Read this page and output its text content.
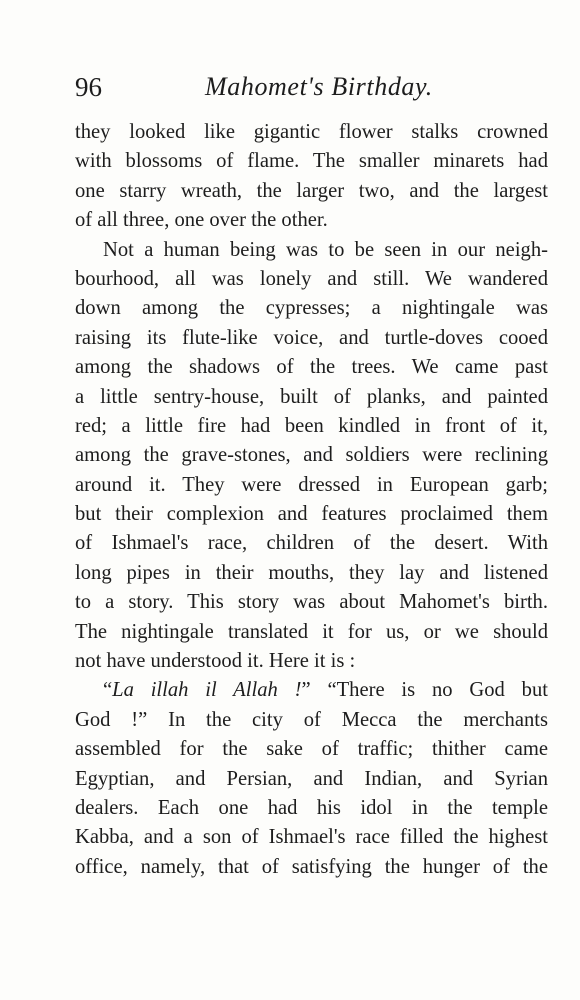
96	Mahomet's Birthday.
they looked like gigantic flower stalks crowned
with blossoms of flame. The smaller minarets had
one starry wreath, the larger two, and the largest
of all three, one over the other.
Not a human being was to be seen in our neigh-
bourhood, all was lonely and still. We wandered
down among the cypresses; a nightingale was
raising its flute-like voice, and turtle-doves cooed
among the shadows of the trees. We came past
a little sentry-house, built of planks, and painted
red; a little fire had been kindled in front of it,
among the grave-stones, and soldiers were reclining
around it. They were dressed in European garb;
but their complexion and features proclaimed them
of Ishmael's race, children of the desert. With
long pipes in their mouths, they lay and listened
to a story. This story was about Mahomet's birth.
The nightingale translated it for us, or we should
not have understood it. Here it is :
“La illah il Allah !” “There is no God but
God !” In the city of Mecca the merchants
assembled for the sake of traffic; thither came
Egyptian, and Persian, and Indian, and Syrian
dealers. Each one had his idol in the temple
Kabba, and a son of Ishmael's race filled the highest
office, namely, that of satisfying the hunger of the
